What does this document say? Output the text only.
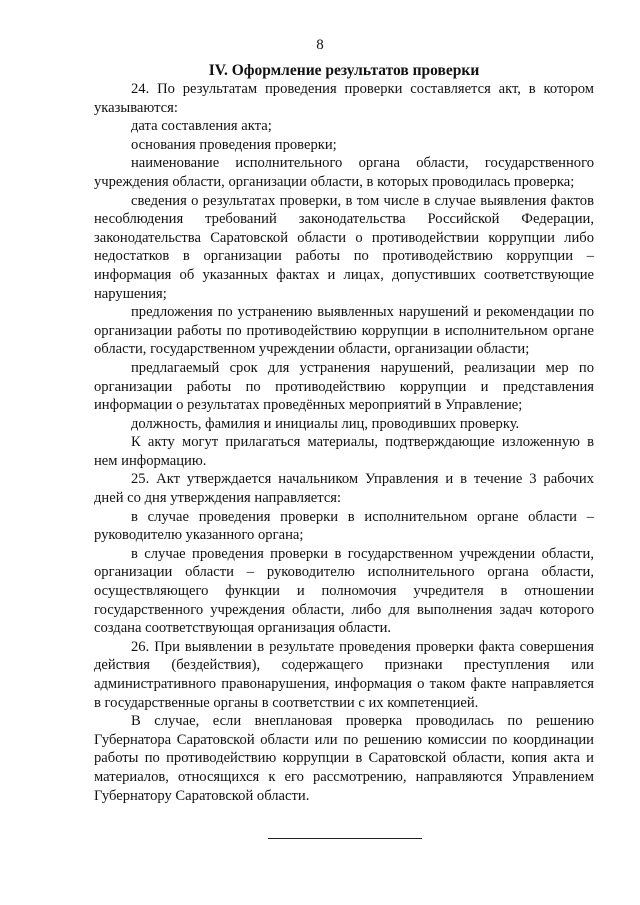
8
IV. Оформление результатов проверки

24. По результатам проведения проверки составляется акт, в котором указываются:

дата составления акта;

основания проведения проверки;

наименование исполнительного органа области, государственного учреждения области, организации области, в которых проводилась проверка;

сведения о результатах проверки, в том числе в случае выявления фактов несоблюдения требований законодательства Российской Федерации, законодательства Саратовской области о противодействии коррупции либо недостатков в организации работы по противодействию коррупции – информация об указанных фактах и лицах, допустивших соответствующие нарушения;

предложения по устранению выявленных нарушений и рекомендации по организации работы по противодействию коррупции в исполнительном органе области, государственном учреждении области, организации области;

предлагаемый срок для устранения нарушений, реализации мер по организации работы по противодействию коррупции и представления информации о результатах проведённых мероприятий в Управление;

должность, фамилия и инициалы лиц, проводивших проверку.

К акту могут прилагаться материалы, подтверждающие изложенную в нем информацию.

25. Акт утверждается начальником Управления и в течение 3 рабочих дней со дня утверждения направляется:

в случае проведения проверки в исполнительном органе области – руководителю указанного органа;

в случае проведения проверки в государственном учреждении области, организации области – руководителю исполнительного органа области, осуществляющего функции и полномочия учредителя в отношении государственного учреждения области, либо для выполнения задач которого создана соответствующая организация области.

26. При выявлении в результате проведения проверки факта совершения действия (бездействия), содержащего признаки преступления или административного правонарушения, информация о таком факте направляется в государственные органы в соответствии с их компетенцией.

В случае, если внеплановая проверка проводилась по решению Губернатора Саратовской области или по решению комиссии по координации работы по противодействию коррупции в Саратовской области, копия акта и материалов, относящихся к его рассмотрению, направляются Управлением Губернатору Саратовской области.
